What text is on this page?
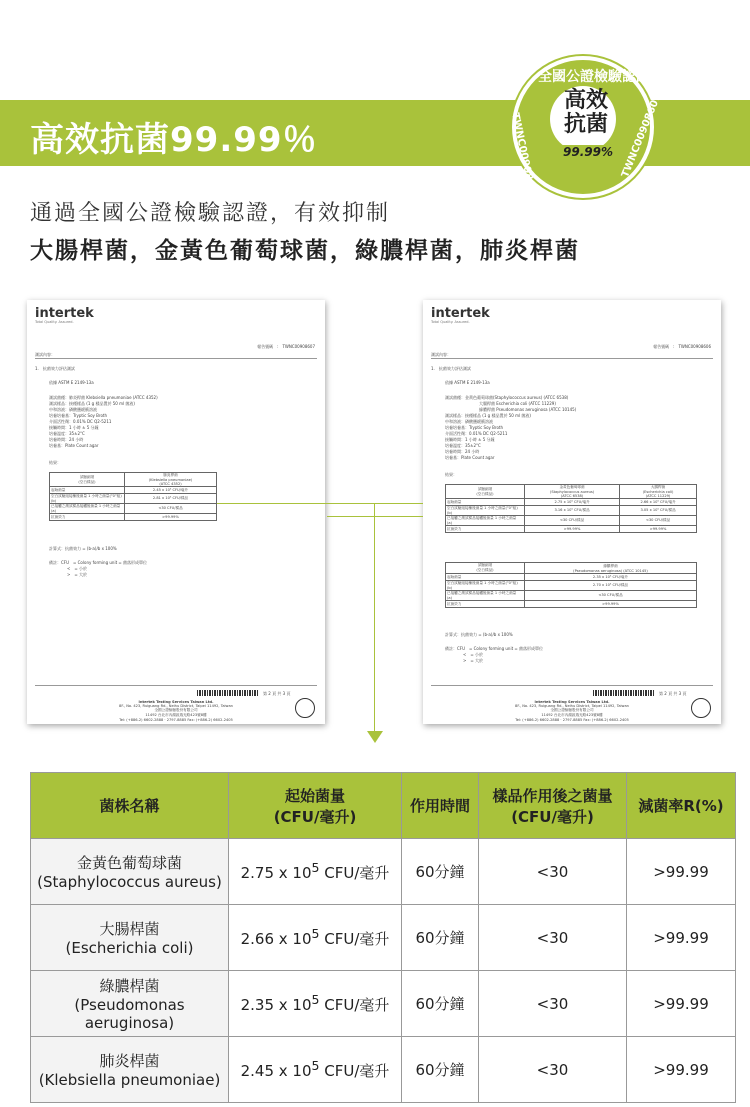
高效抗菌99.99％
全國公證檢驗認證
高效
抗菌
99.99%
TWNC00908606	TWNC00908607
通過全國公證檢驗認證，有效抑制
大腸桿菌，金黃色葡萄球菌，綠膿桿菌，肺炎桿菌
intertek
Total Quality. Assured.
報告號碼　:　TWNC00908607
測試內容：
1.　抗菌效力評估測試
依據 ASTM E 2149-13a
測試菌種：肺炎桿菌 Klebsiella pneumoniae (ATCC 4352)
測試樣品：接種樣品 (1 g 樣品置於 50 ml 菌液)
中和溶液：磷酸鹽緩衝溶液
培養培養基：Tryptic Soy Broth
介面活性劑：0.01% DC Q2-5211
接觸時間：1 小時 ± 5 分鐘
培養溫度：35±2°C
培養時間：24 小時
培養基：Plate Count agar
結果：
試驗細項
(空白樣品)	肺炎桿菌
(Klebsiella pneumoniae)
(ATCC 4352)
起始菌量	2.45 x 10⁵ CFU/毫升
空白試驗組接種後菌量 1 小時之菌量(°0°組)
(b)	2.81 x 10⁵ CFU/樣品
已接觸之測試樣品接觸後菌量 1 小時之菌量
(a)	<30 CFU/樣品
抗菌效力	>99.99%
計算式：抗菌效力 = (b-a)/b x 100%
備註：CFU　= Colony forming unit = 菌落形成單位
<　= 小於
>　= 大於
第 2 頁 共 3 頁
Intertek Testing Services Taiwan Ltd.
8F., No. 423, Ruiguang Rd., Neihu District, Taipei 11492, Taiwan
全國公證檢驗股份有限公司
11492 台北市內湖區瑞光路423號8樓
Tel: (+886-2) 6602-2888 · 2797-8885 Fax: (+886-2) 6602-2405
intertek
Total Quality. Assured.
報告號碼　:　TWNC00908606
測試內容：
1.　抗菌效力評估測試
依據 ASTM E 2149-13a
測試菌種：金黃色葡萄球菌(Staphylococcus aureus) (ATCC 6538)
大腸桿菌 Escherichia coli (ATCC 11229)
綠膿桿菌 Pseudomonas aeruginosa (ATCC 10145)
測試樣品：接種樣品 (1 g 樣品置於 50 ml 菌液)
中和溶液：磷酸鹽緩衝溶液
培養培養基：Tryptic Soy Broth
介面活性劑：0.01% DC Q2-5211
接觸時間：1 小時 ± 5 分鐘
培養溫度：35±2°C
培養時間：24 小時
培養基：Plate Count agar
結果：
試驗細項
(空白樣品)	金黃色葡萄球菌
(Staphylococcus aureus)
(ATCC 6538)	大腸桿菌
(Escherichia coli)
(ATCC 11229)
起始菌量	2.75 x 10⁵ CFU/毫升	2.66 x 10⁵ CFU/毫升
空白試驗組接種後菌量 1 小時之菌量(°0°組)
(b)	3.16 x 10⁵ CFU/樣品	3.05 x 10⁵ CFU/樣品
已接觸之測試樣品接觸後菌量 1 小時之菌量
(a)	<30 CFU/樣品	<30 CFU/樣品
抗菌效力	>99.99%	>99.99%
試驗細項
(空白樣品)	綠膿桿菌
(Pseudomonas aeruginosa) (ATCC 10145)
起始菌量	2.35 x 10⁵ CFU/毫升
空白試驗組接種後菌量 1 小時之菌量(°0°組)
(b)	2.70 x 10⁵ CFU/樣品
已接觸之測試樣品接觸後菌量 1 小時之菌量
(a)	<30 CFU/樣品
抗菌效力	>99.99%
計算式：抗菌效力 = (b-a)/b x 100%
備註：CFU　= Colony forming unit = 菌落形成單位
<　= 小於
>　= 大於
第 2 頁 共 3 頁
Intertek Testing Services Taiwan Ltd.
8F., No. 423, Ruiguang Rd., Neihu District, Taipei 11492, Taiwan
全國公證檢驗股份有限公司
11492 台北市內湖區瑞光路423號8樓
Tel: (+886-2) 6602-2888 · 2797-8885 Fax: (+886-2) 6602-2405
菌株名稱	起始菌量
(CFU/毫升)	作用時間	樣品作用後之菌量
(CFU/毫升)	減菌率R(%)

金黃色葡萄球菌
(Staphylococcus aureus)	2.75 x $10^5$ CFU/毫升	60分鐘	<30	>99.99

大腸桿菌
(Escherichia coli)	2.66 x $10^5$ CFU/毫升	60分鐘	<30	>99.99

綠膿桿菌
(Pseudomonas aeruginosa)	2.35 x $10^5$ CFU/毫升	60分鐘	<30	>99.99

肺炎桿菌
(Klebsiella pneumoniae)	2.45 x $10^5$ CFU/毫升	60分鐘	<30	>99.99
